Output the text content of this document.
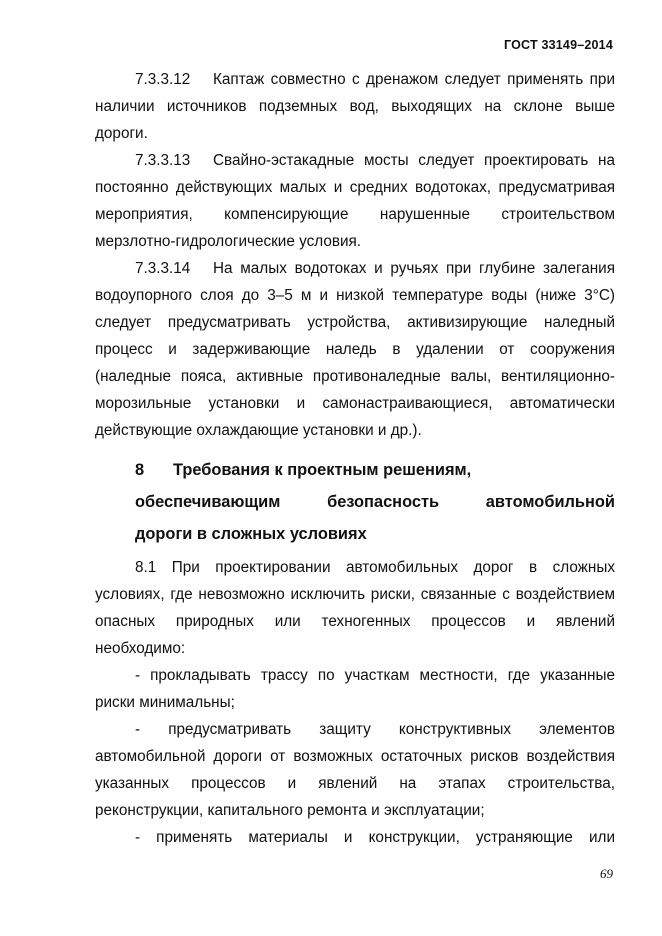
ГОСТ 33149–2014

7.3.3.12 Каптаж совместно с дренажом следует применять при

наличии источников подземных вод, выходящих на склоне выше

дороги.

7.3.3.13 Свайно-эстакадные мосты следует проектировать на

постоянно действующих малых и средних водотоках, предусматривая

мероприятия, компенсирующие нарушенные строительством

мерзлотно-гидрологические условия.

7.3.3.14 На малых водотоках и ручьях при глубине залегания

водоупорного слоя до 3–5 м и низкой температуре воды (ниже 3°С)

следует предусматривать устройства, активизирующие наледный

процесс и задерживающие наледь в удалении от сооружения

(наледные пояса, активные противоналедные валы, вентиляционно-

морозильные установки и самонастраивающиеся, автоматически

действующие охлаждающие установки и др.).

8 Требования к проектным решениям,
обеспечивающим безопасность автомобильной
дороги в сложных условиях

8.1 При проектировании автомобильных дорог в сложных

условиях, где невозможно исключить риски, связанные с воздействием

опасных природных или техногенных процессов и явлений

необходимо:

- прокладывать трассу по участкам местности, где указанные

риски минимальны;

- предусматривать защиту конструктивных элементов

автомобильной дороги от возможных остаточных рисков воздействия

указанных процессов и явлений на этапах строительства,

реконструкции, капитального ремонта и эксплуатации;

- применять материалы и конструкции, устраняющие или

69
